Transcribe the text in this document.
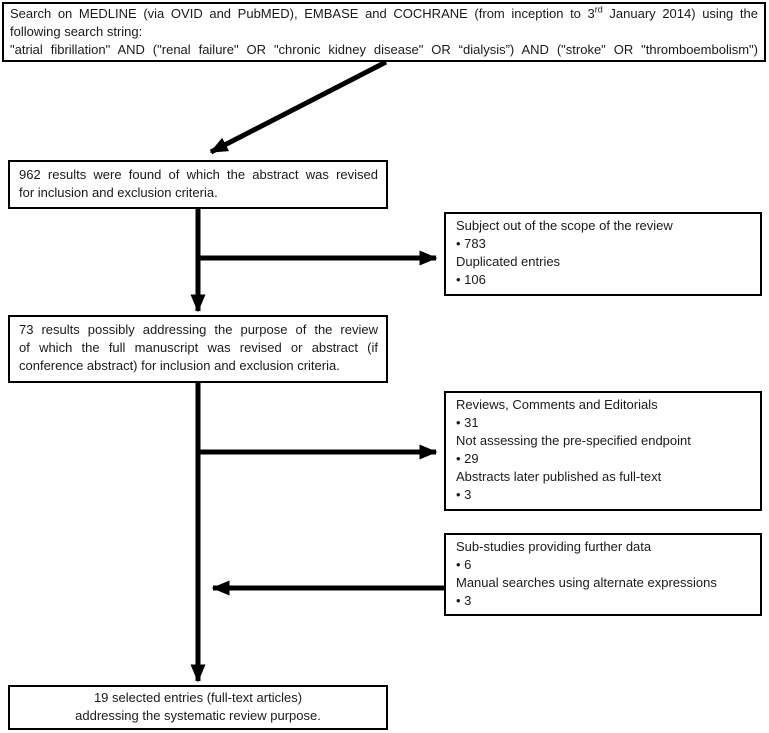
Search on MEDLINE (via OVID and PubMED), EMBASE and COCHRANE (from inception to 3rd January 2014) using the
following search string:
"atrial fibrillation" AND ("renal failure" OR "chronic kidney disease" OR “dialysis”) AND ("stroke" OR "thromboembolism")
962 results were found of which the abstract was revised
for inclusion and exclusion criteria.
Subject out of the scope of the review
• 783
Duplicated entries
• 106
73 results possibly addressing the purpose of the review
of which the full manuscript was revised or abstract (if
conference abstract) for inclusion and exclusion criteria.
Reviews, Comments and Editorials
• 31
Not assessing the pre-specified endpoint
• 29
Abstracts later published as full-text
• 3
Sub-studies providing further data
• 6
Manual searches using alternate expressions
• 3
19 selected entries (full-text articles)
addressing the systematic review purpose.
